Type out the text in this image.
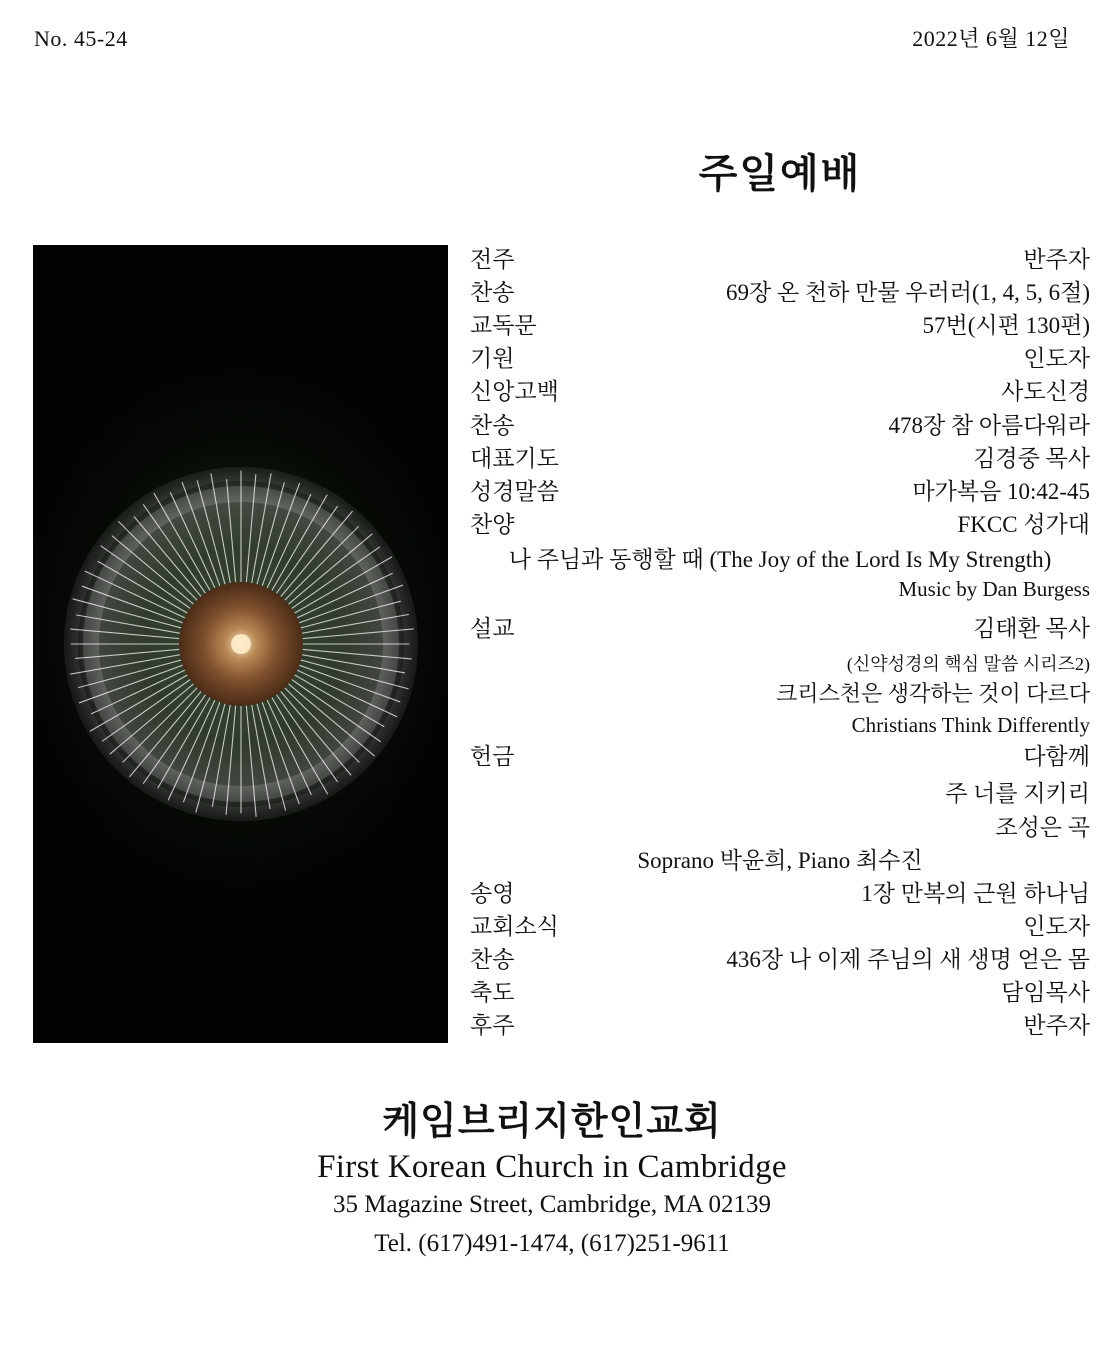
No. 45-24	2022년 6월 12일
주일예배
전주	반주자
찬송	69장 온 천하 만물 우러러(1, 4, 5, 6절)
교독문	57번(시편 130편)
기원	인도자
신앙고백	사도신경
찬송	478장 참 아름다워라
대표기도	김경중 목사
성경말씀	마가복음 10:42-45
찬양	FKCC 성가대
나 주님과 동행할 때 (The Joy of the Lord Is My Strength)
Music by Dan Burgess
설교	김태환 목사
(신약성경의 핵심 말씀 시리즈2)
크리스천은 생각하는 것이 다르다
Christians Think Differently
헌금	다함께
주 너를 지키리
조성은 곡
Soprano 박윤희, Piano 최수진
송영	1장 만복의 근원 하나님
교회소식	인도자
찬송	436장 나 이제 주님의 새 생명 얻은 몸
축도	담임목사
후주	반주자
케임브리지한인교회
First Korean Church in Cambridge
35 Magazine Street, Cambridge, MA 02139
Tel. (617)491-1474, (617)251-9611
